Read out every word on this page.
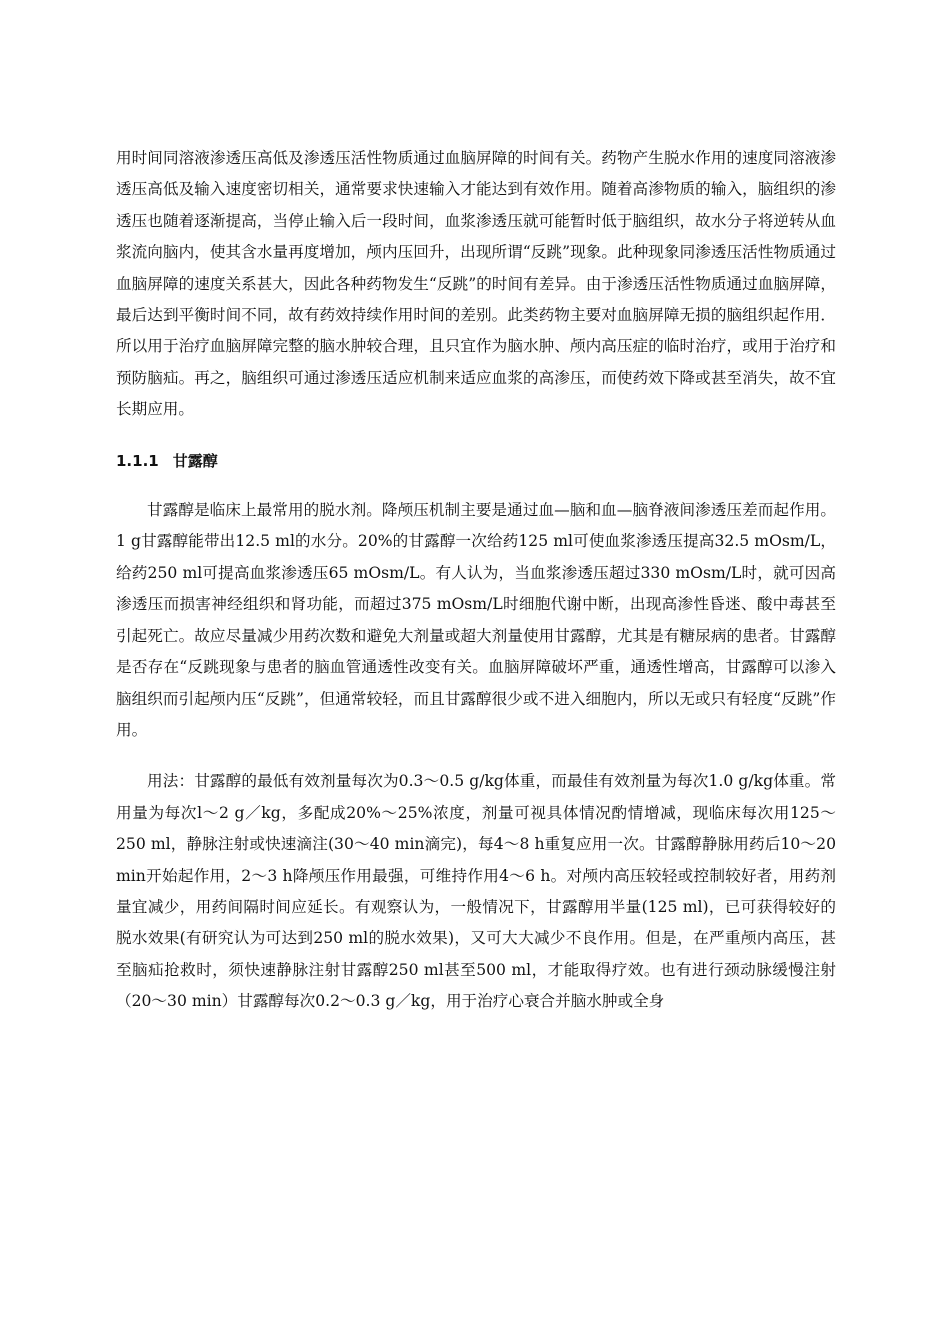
用时间同溶液渗透压高低及渗透压活性物质通过血脑屏障的时间有关。药物产生脱水作用的速度同溶液渗透压高低及输入速度密切相关，通常要求快速输入才能达到有效作用。随着高渗物质的输入，脑组织的渗透压也随着逐渐提高，当停止输入后一段时间，血浆渗透压就可能暂时低于脑组织，故水分子将逆转从血浆流向脑内，使其含水量再度增加，颅内压回升，出现所谓“反跳”现象。此种现象同渗透压活性物质通过血脑屏障的速度关系甚大，因此各种药物发生“反跳”的时间有差异。由于渗透压活性物质通过血脑屏障，最后达到平衡时间不同，故有药效持续作用时间的差别。此类药物主要对血脑屏障无损的脑组织起作用．所以用于治疗血脑屏障完整的脑水肿较合理，且只宜作为脑水肿、颅内高压症的临时治疗，或用于治疗和预防脑疝。再之，脑组织可通过渗透压适应机制来适应血浆的高渗压，而使药效下降或甚至消失，故不宜长期应用。

1.1.1 甘露醇

甘露醇是临床上最常用的脱水剂。降颅压机制主要是通过血—脑和血—脑脊液间渗透压差而起作用。1 g甘露醇能带出12.5 ml的水分。20%的甘露醇一次给药125 ml可使血浆渗透压提高32.5 mOsm/L，给药250 ml可提高血浆渗透压65 mOsm/L。有人认为，当血浆渗透压超过330 mOsm/L时，就可因高渗透压而损害神经组织和肾功能，而超过375 mOsm/L时细胞代谢中断，出现高渗性昏迷、酸中毒甚至引起死亡。故应尽量减少用药次数和避免大剂量或超大剂量使用甘露醇，尤其是有糖尿病的患者。甘露醇是否存在“反跳现象与患者的脑血管通透性改变有关。血脑屏障破坏严重，通透性增高，甘露醇可以渗入脑组织而引起颅内压“反跳”，但通常较轻，而且甘露醇很少或不进入细胞内，所以无或只有轻度“反跳”作用。

用法：甘露醇的最低有效剂量每次为0.3～0.5 g/kg体重，而最佳有效剂量为每次1.0 g/kg体重。常用量为每次l～2 g／kg，多配成20%～25%浓度，剂量可视具体情况酌情增减，现临床每次用125～250 ml，静脉注射或快速滴注(30～40 min滴完)，每4～8 h重复应用一次。甘露醇静脉用药后10～20 min开始起作用，2～3 h降颅压作用最强，可维持作用4～6 h。对颅内高压较轻或控制较好者，用药剂量宜减少，用药间隔时间应延长。有观察认为，一般情况下，甘露醇用半量(125 ml)，已可获得较好的脱水效果(有研究认为可达到250 ml的脱水效果)，又可大大减少不良作用。但是，在严重颅内高压，甚至脑疝抢救时，须快速静脉注射甘露醇250 ml甚至500 ml，才能取得疗效。也有进行颈动脉缓慢注射（20～30 min）甘露醇每次0.2～0.3 g／kg，用于治疗心衰合并脑水肿或全身
